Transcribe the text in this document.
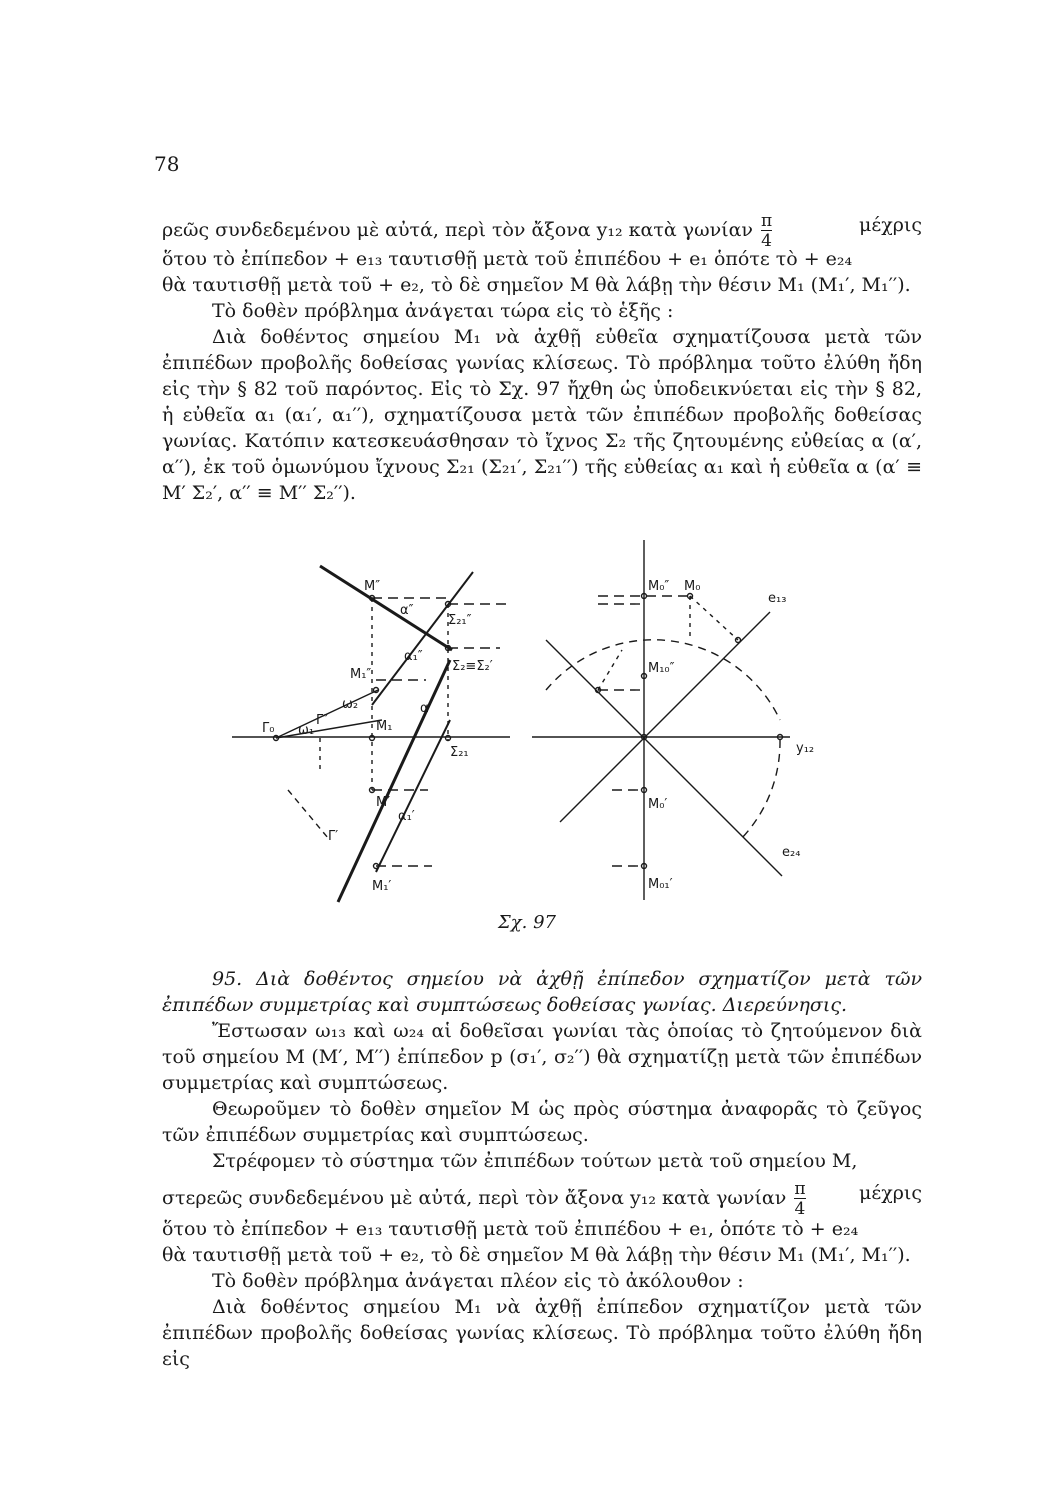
78

ρεῶς συνδεδεμένου μὲ αὐτά, περὶ τὸν ἄξονα y₁₂ κατὰ γωνίαν $\frac{\pi}{4}$	μέχρις

ὅτου τὸ ἐπίπεδον + e₁₃ ταυτισθῇ μετὰ τοῦ ἐπιπέδου + e₁ ὁπότε τὸ + e₂₄

θὰ ταυτισθῇ μετὰ τοῦ + e₂, τὸ δὲ σημεῖον Μ θὰ λάβῃ τὴν θέσιν Μ₁ (Μ₁′, Μ₁′′).

Τὸ δοθὲν πρόβλημα ἀνάγεται τώρα εἰς τὸ ἑξῆς :

Διὰ δοθέντος σημείου Μ₁ νὰ ἀχθῇ εὐθεῖα σχηματίζουσα μετὰ τῶν ἐπιπέδων προβολῆς δοθείσας γωνίας κλίσεως. Τὸ πρόβλημα τοῦτο ἐλύθη ἤδη εἰς τὴν § 82 τοῦ παρόντος. Εἰς τὸ Σχ. 97 ἤχθη ὡς ὑποδεικνύεται εἰς τὴν § 82, ἡ εὐθεῖα α₁ (α₁′, α₁′′), σχηματίζουσα μετὰ τῶν ἐπιπέδων προβολῆς δοθείσας γωνίας. Κατόπιν κατεσκευάσθησαν τὸ ἴχνος Σ₂ τῆς ζητουμένης εὐθείας α (α′, α′′), ἐκ τοῦ ὁμωνύμου ἴχνους Σ₂₁ (Σ₂₁′, Σ₂₁′′) τῆς εὐθείας α₁ καὶ ἡ εὐθεῖα α (α′ ≡ Μ′ Σ₂′, α′′ ≡ Μ′′ Σ₂′′).

M″
α″
Σ₂₁″
α₁″
Σ₂≡Σ₂′
M₁″
ω₂
Γ₀ ω₁
Γ″	M₁
α′
Σ₂₁
M′
α₁′
Γ′
M₁′
M₀″ M₀
e₁₃
M₁₀″
y₁₂
M₀′
e₂₄
M₀₁′
Σχ. 97

95. Διὰ δοθέντος σημείου νὰ ἀχθῇ ἐπίπεδον σχηματίζον μετὰ τῶν ἐπιπέδων συμμετρίας καὶ συμπτώσεως δοθείσας γωνίας. Διερεύνησις.

Ἔστωσαν ω₁₃ καὶ ω₂₄ αἱ δοθεῖσαι γωνίαι τὰς ὁποίας τὸ ζητούμενον διὰ τοῦ σημείου Μ (Μ′, Μ′′) ἐπίπεδον p (σ₁′, σ₂′′) θὰ σχηματίζῃ μετὰ τῶν ἐπιπέδων συμμετρίας καὶ συμπτώσεως.

Θεωροῦμεν τὸ δοθὲν σημεῖον Μ ὡς πρὸς σύστημα ἀναφορᾶς τὸ ζεῦγος τῶν ἐπιπέδων συμμετρίας καὶ συμπτώσεως.

Στρέφομεν τὸ σύστημα τῶν ἐπιπέδων τούτων μετὰ τοῦ σημείου Μ,

στερεῶς συνδεδεμένου μὲ αὐτά, περὶ τὸν ἄξονα y₁₂ κατὰ γωνίαν $\frac{\pi}{4}$	μέχρις

ὅτου τὸ ἐπίπεδον + e₁₃ ταυτισθῇ μετὰ τοῦ ἐπιπέδου + e₁, ὁπότε τὸ + e₂₄

θὰ ταυτισθῇ μετὰ τοῦ + e₂, τὸ δὲ σημεῖον Μ θὰ λάβῃ τὴν θέσιν Μ₁ (Μ₁′, Μ₁′′).

Τὸ δοθὲν πρόβλημα ἀνάγεται πλέον εἰς τὸ ἀκόλουθον :

Διὰ δοθέντος σημείου Μ₁ νὰ ἀχθῇ ἐπίπεδον σχηματίζον μετὰ τῶν ἐπιπέδων προβολῆς δοθείσας γωνίας κλίσεως. Τὸ πρόβλημα τοῦτο ἐλύθη ἤδη εἰς
